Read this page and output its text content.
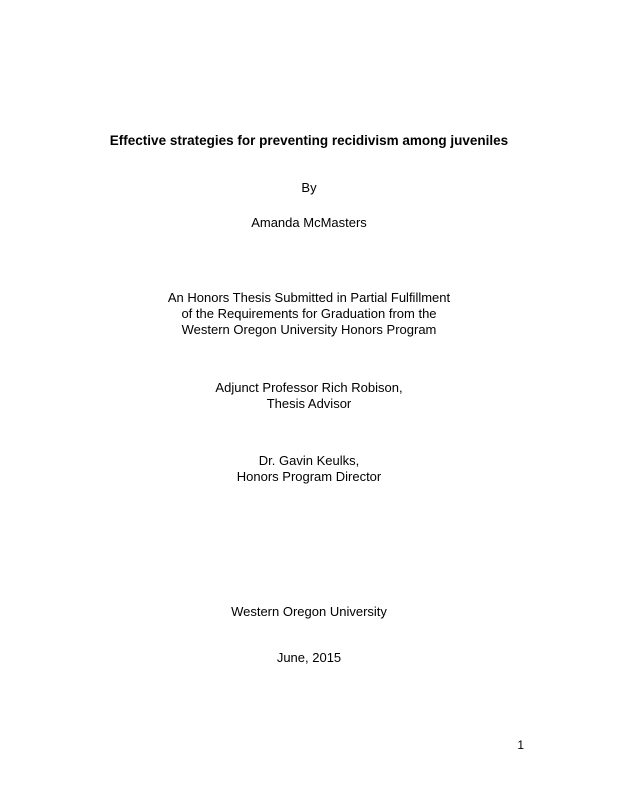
Effective strategies for preventing recidivism among juveniles
By
Amanda McMasters
An Honors Thesis Submitted in Partial Fulfillment
of the Requirements for Graduation from the
Western Oregon University Honors Program
Adjunct Professor Rich Robison,
Thesis Advisor
Dr. Gavin Keulks,
Honors Program Director
Western Oregon University
June, 2015
1
